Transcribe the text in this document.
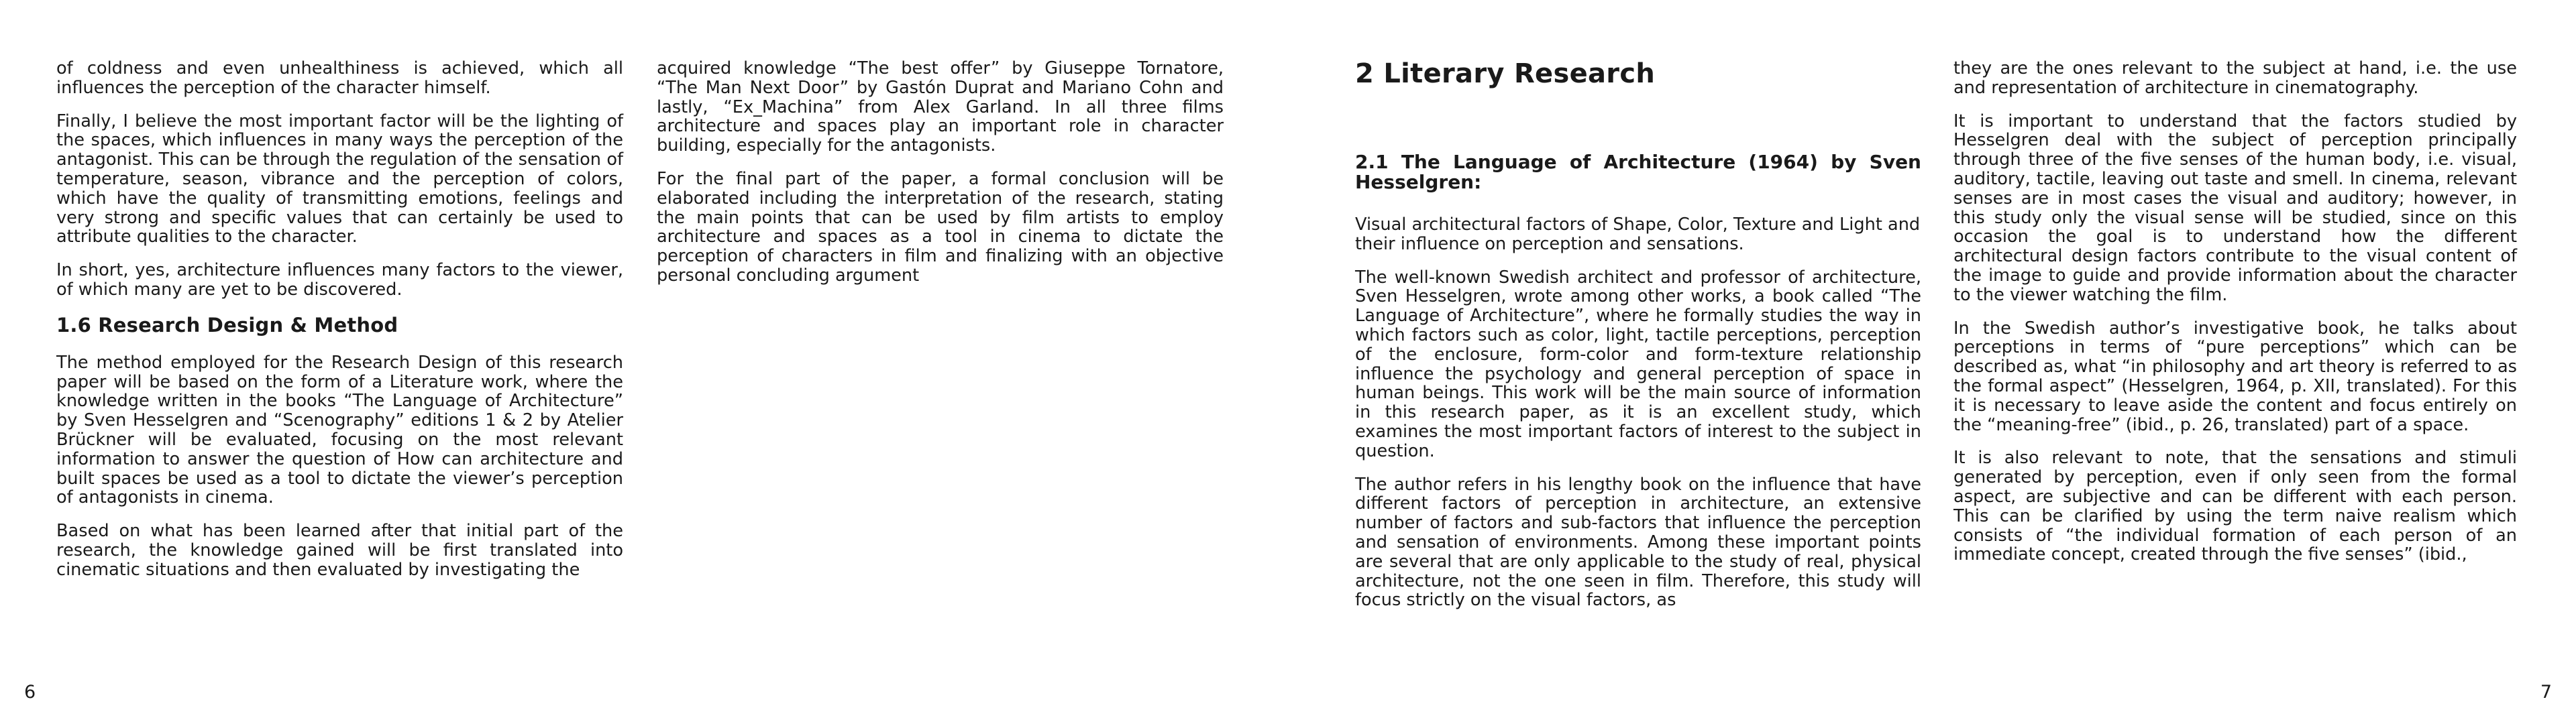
of coldness and even unhealthiness is achieved, which all influences the perception of the character himself.

Finally, I believe the most important factor will be the lighting of the spaces, which influences in many ways the perception of the antagonist. This can be through the regulation of the sensation of temperature, season, vibrance and the perception of colors, which have the quality of transmitting emotions, feelings and very strong and specific values that can certainly be used to attribute qualities to the character.

In short, yes, architecture influences many factors to the viewer, of which many are yet to be discovered.

1.6 Research Design & Method

The method employed for the Research Design of this research paper will be based on the form of a Literature work, where the knowledge written in the books “The Language of Architecture” by Sven Hesselgren and “Scenography” editions 1 & 2 by Atelier Brückner will be evaluated, focusing on the most relevant information to answer the question of How can architecture and built spaces be used as a tool to dictate the viewer’s perception of antagonists in cinema.

Based on what has been learned after that initial part of the research, the knowledge gained will be first translated into cinematic situations and then evaluated by investigating the

acquired knowledge “The best offer” by Giuseppe Tornatore, “The Man Next Door” by Gastón Duprat and Mariano Cohn and lastly, “Ex_Machina” from Alex Garland. In all three films architecture and spaces play an important role in character building, especially for the antagonists.

For the final part of the paper, a formal conclusion will be elaborated including the interpretation of the research, stating the main points that can be used by film artists to employ architecture and spaces as a tool in cinema to dictate the perception of characters in film and finalizing with an objective personal concluding argument

6
2 Literary Research
2.1 The Language of Architecture (1964) by Sven Hesselgren:

Visual architectural factors of Shape, Color, Texture and Light and their influence on perception and sensations.

The well-known Swedish architect and professor of architecture, Sven Hesselgren, wrote among other works, a book called “The Language of Architecture”, where he formally studies the way in which factors such as color, light, tactile perceptions, perception of the enclosure, form-color and form-texture relationship influence the psychology and general perception of space in human beings. This work will be the main source of information in this research paper, as it is an excellent study, which examines the most important factors of interest to the subject in question.

The author refers in his lengthy book on the influence that have different factors of perception in architecture, an extensive number of factors and sub-factors that influence the perception and sensation of environments. Among these important points are several that are only applicable to the study of real, physical architecture, not the one seen in film. Therefore, this study will focus strictly on the visual factors, as

they are the ones relevant to the subject at hand, i.e. the use and representation of architecture in cinematography.

It is important to understand that the factors studied by Hesselgren deal with the subject of perception principally through three of the five senses of the human body, i.e. visual, auditory, tactile, leaving out taste and smell. In cinema, relevant senses are in most cases the visual and auditory; however, in this study only the visual sense will be studied, since on this occasion the goal is to understand how the different architectural design factors contribute to the visual content of the image to guide and provide information about the character to the viewer watching the film.

In the Swedish author’s investigative book, he talks about perceptions in terms of “pure perceptions” which can be described as, what “in philosophy and art theory is referred to as the formal aspect” (Hesselgren, 1964, p. XII, translated). For this it is necessary to leave aside the content and focus entirely on the “meaning-free” (ibid., p. 26, translated) part of a space.

It is also relevant to note, that the sensations and stimuli generated by perception, even if only seen from the formal aspect, are subjective and can be different with each person. This can be clarified by using the term naive realism which consists of “the individual formation of each person of an immediate concept, created through the five senses” (ibid.,

7
